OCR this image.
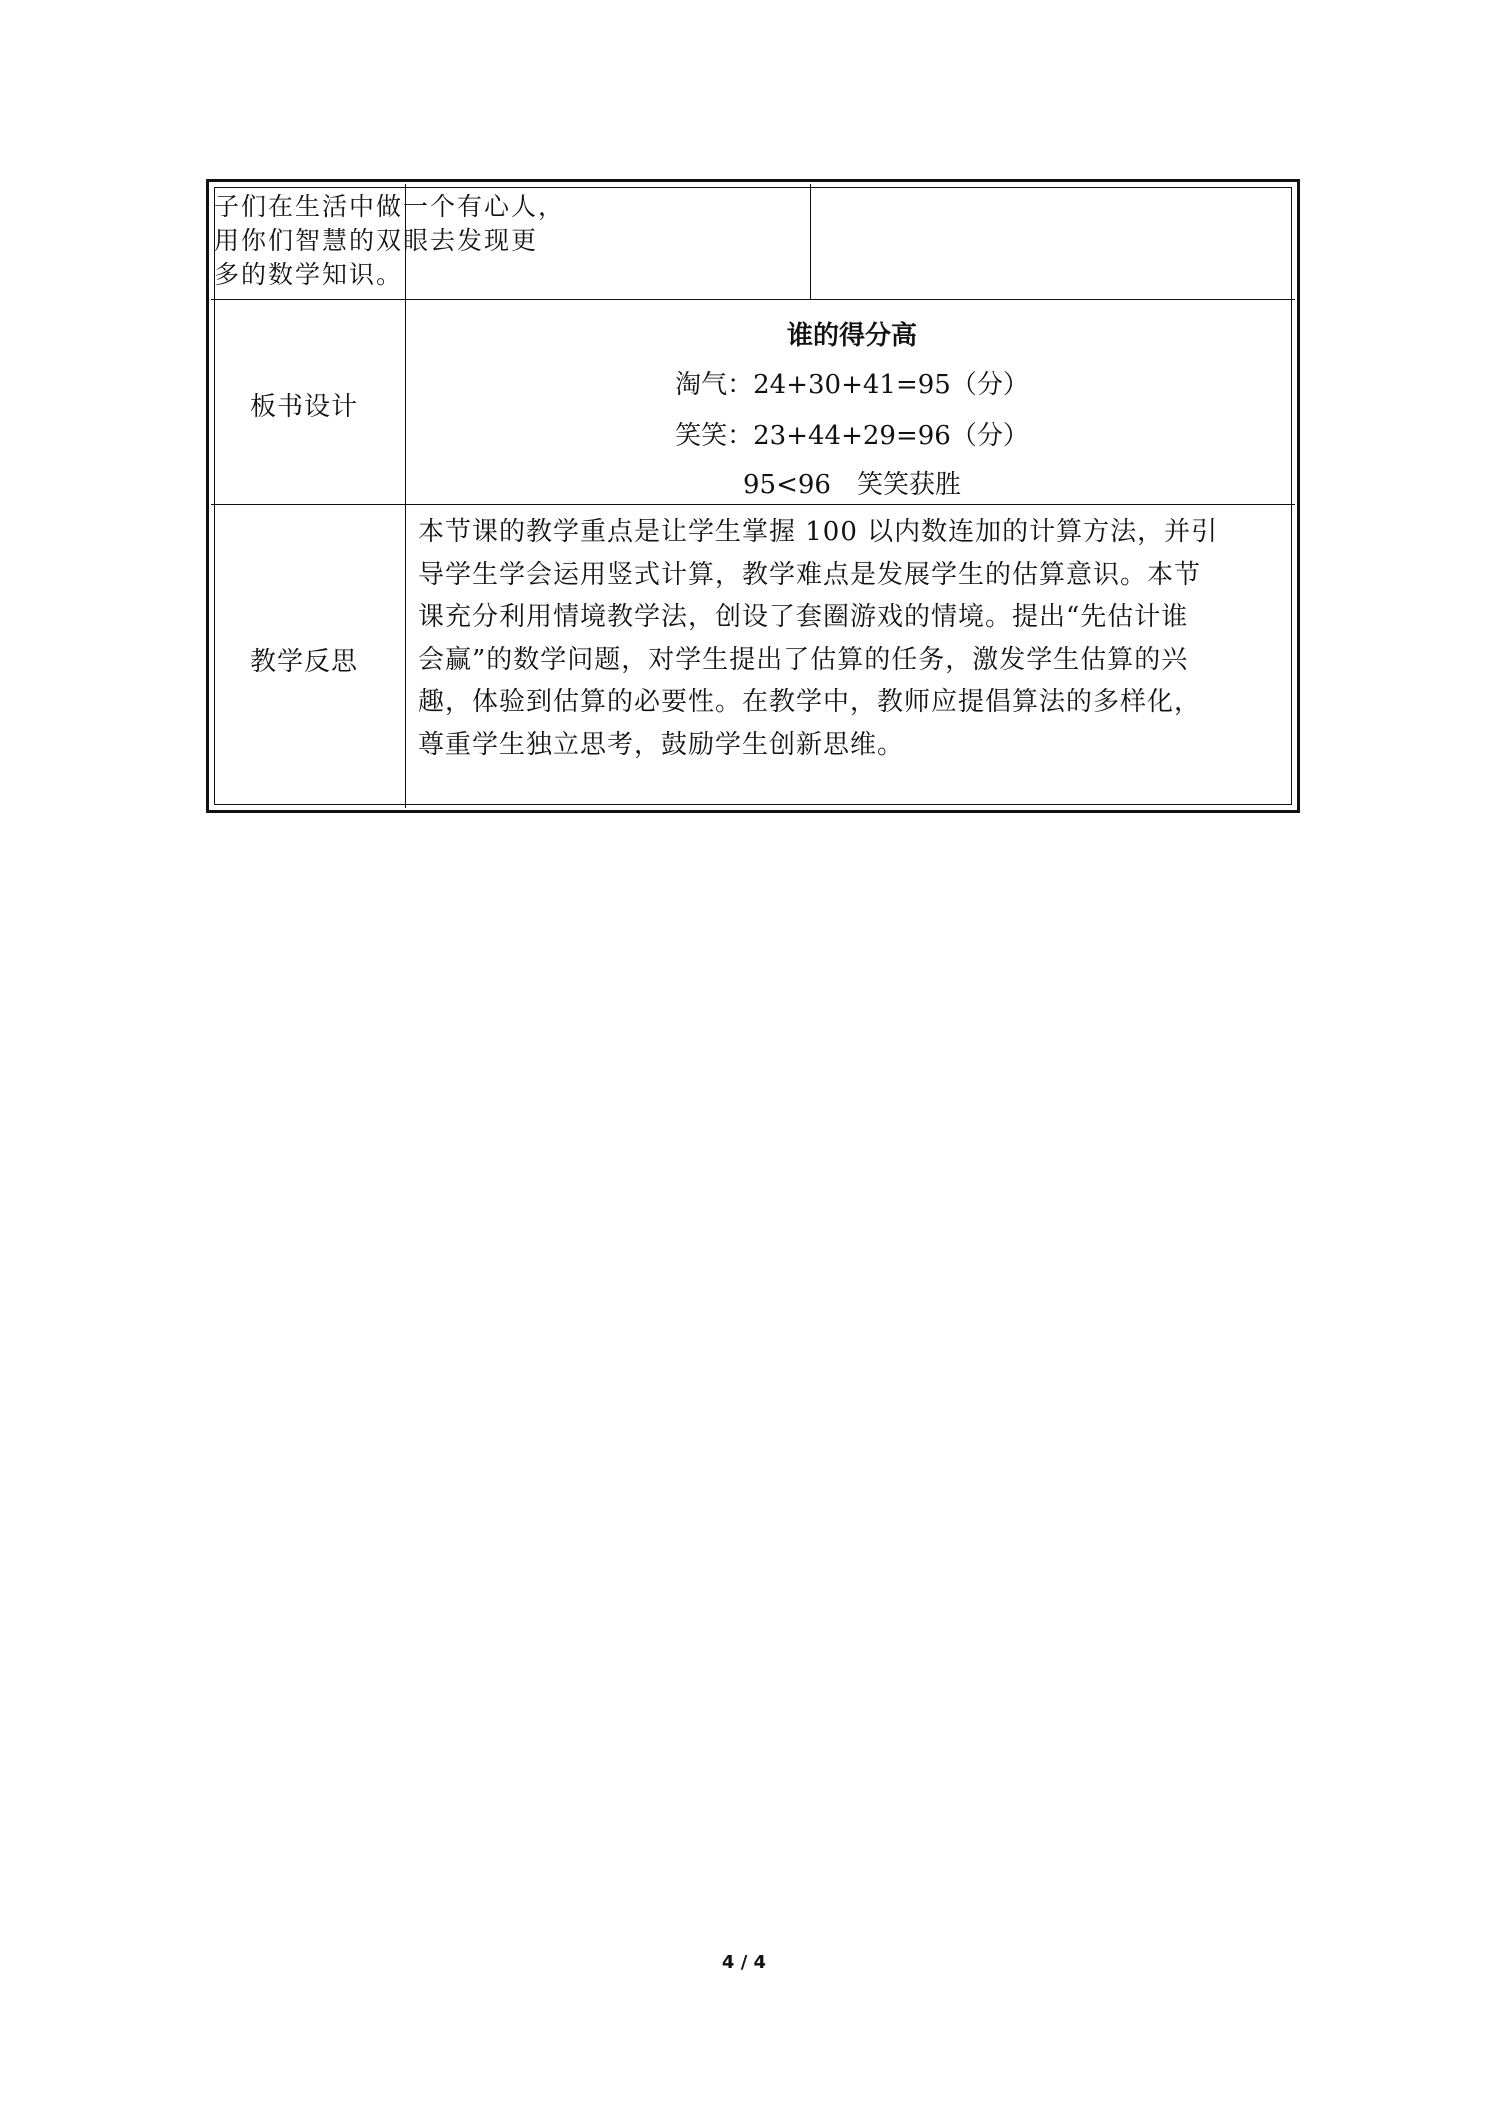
子们在生活中做一个有心人，
用你们智慧的双眼去发现更
多的数学知识。
板书设计
谁的得分高
淘气：24+30+41=95（分）
笑笑：23+44+29=96（分）
95<96　笑笑获胜
教学反思
本节课的教学重点是让学生掌握 100 以内数连加的计算方法，并引
导学生学会运用竖式计算，教学难点是发展学生的估算意识。本节
课充分利用情境教学法，创设了套圈游戏的情境。提出“先估计谁
会赢”的数学问题，对学生提出了估算的任务，激发学生估算的兴
趣，体验到估算的必要性。在教学中，教师应提倡算法的多样化，
尊重学生独立思考，鼓励学生创新思维。
4 / 4
